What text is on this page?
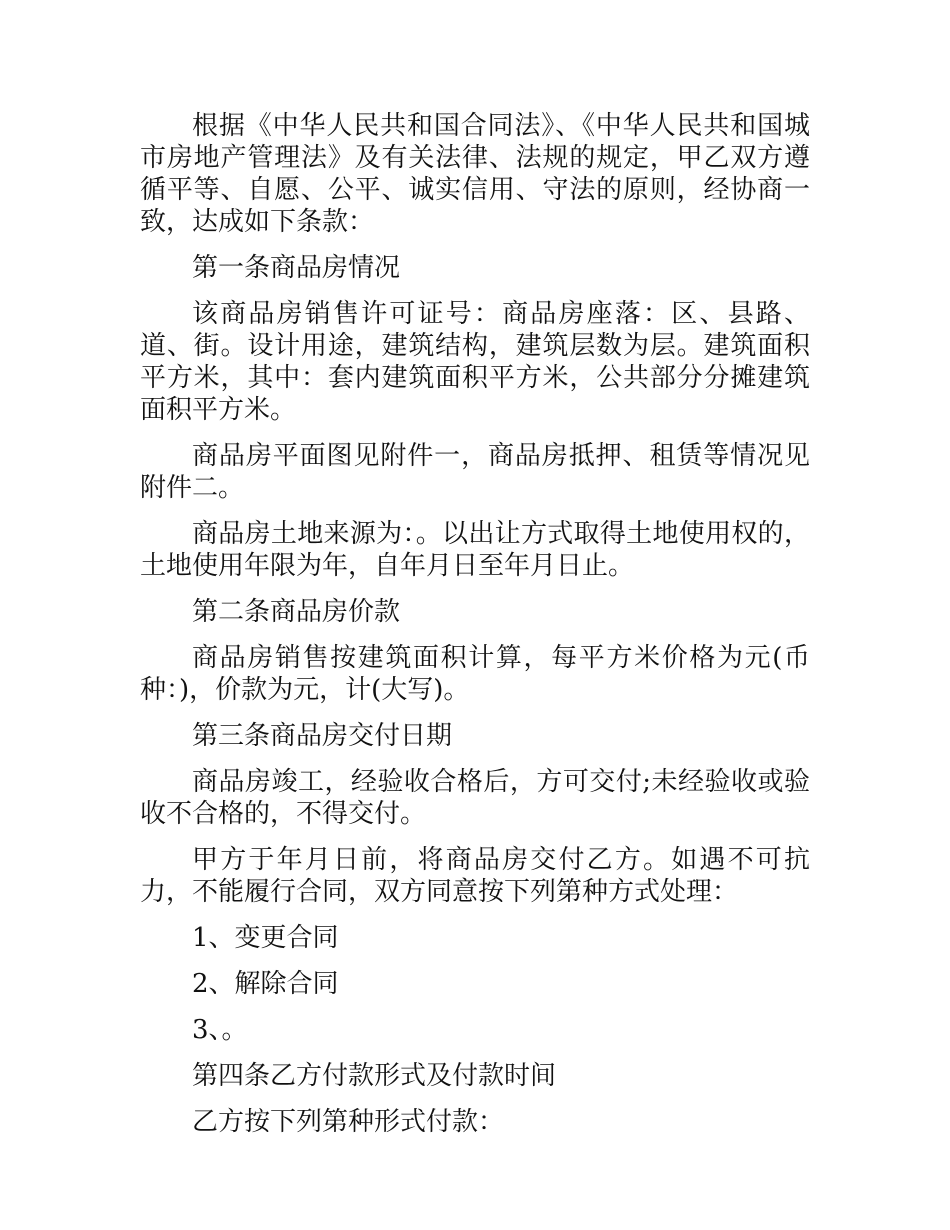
根据《中华人民共和国合同法》、《中华人民共和国城市房地产管理法》及有关法律、法规的规定，甲乙双方遵循平等、自愿、公平、诚实信用、守法的原则，经协商一致，达成如下条款：

第一条商品房情况

该商品房销售许可证号：商品房座落：区、县路、道、街。设计用途，建筑结构，建筑层数为层。建筑面积平方米，其中：套内建筑面积平方米，公共部分分摊建筑面积平方米。

商品房平面图见附件一，商品房抵押、租赁等情况见附件二。

商品房土地来源为：。以出让方式取得土地使用权的，土地使用年限为年，自年月日至年月日止。

第二条商品房价款

商品房销售按建筑面积计算，每平方米价格为元(币种：)，价款为元，计(大写)。

第三条商品房交付日期

商品房竣工，经验收合格后，方可交付;未经验收或验收不合格的，不得交付。

甲方于年月日前，将商品房交付乙方。如遇不可抗力，不能履行合同，双方同意按下列第种方式处理：

1、变更合同

2、解除合同

3、。

第四条乙方付款形式及付款时间

乙方按下列第种形式付款：
